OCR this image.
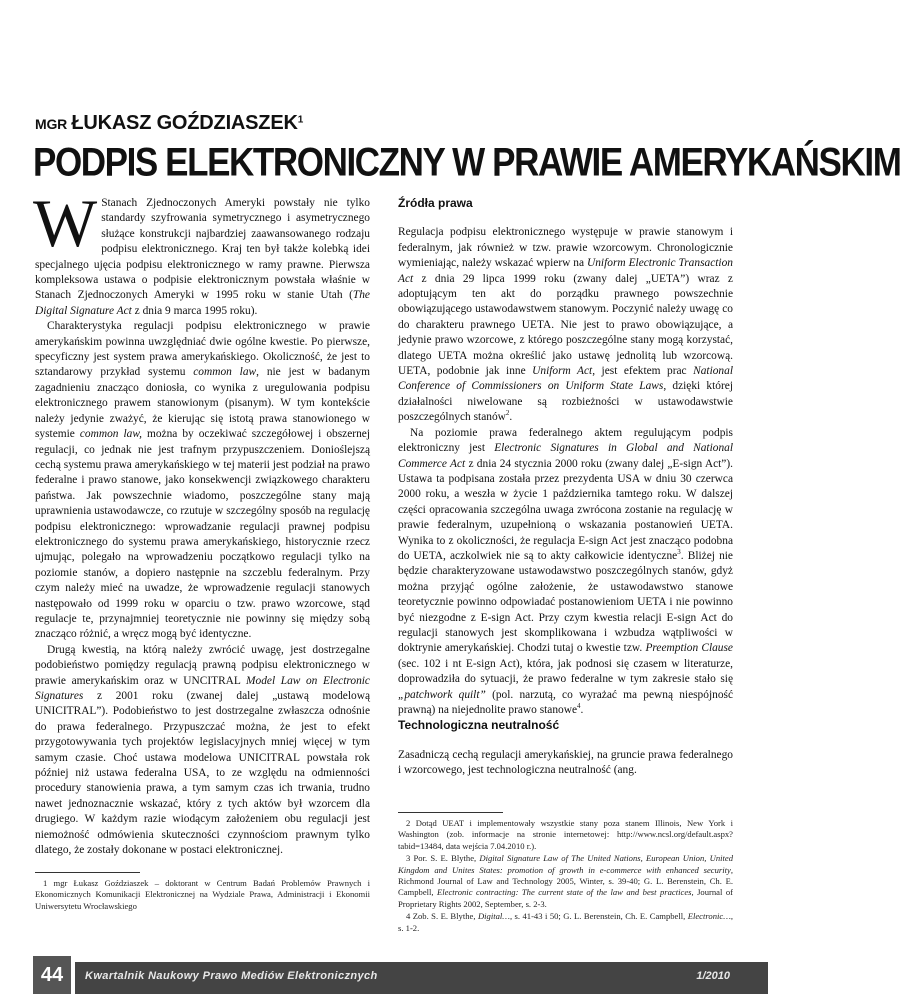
MGR ŁUKASZ GOŹDZIASZEK$^1$
PODPIS ELEKTRONICZNY W PRAWIE AMERYKAŃSKIM

W Stanach Zjednoczonych Ameryki powstały nie tylko standardy szyfrowania symetrycznego i asymetrycznego służące konstrukcji najbardziej zaawansowanego rodzaju podpisu elektronicznego. Kraj ten był także kolebką idei specjalnego ujęcia podpisu elektronicznego w ramy prawne. Pierwsza kompleksowa ustawa o podpisie elektronicznym powstała właśnie w Stanach Zjednoczonych Ameryki w 1995 roku w stanie Utah (The Digital Signature Act z dnia 9 marca 1995 roku).

Charakterystyka regulacji podpisu elektronicznego w prawie amerykańskim powinna uwzględniać dwie ogólne kwestie. Po pierwsze, specyficzny jest system prawa amerykańskiego. Okoliczność, że jest to sztandarowy przykład systemu common law, nie jest w badanym zagadnieniu znacząco doniosła, co wynika z uregulowania podpisu elektronicznego prawem stanowionym (pisanym). W tym kontekście należy jedynie zważyć, że kierując się istotą prawa stanowionego w systemie common law, można by oczekiwać szczegółowej i obszernej regulacji, co jednak nie jest trafnym przypuszczeniem. Donioślejszą cechą systemu prawa amerykańskiego w tej materii jest podział na prawo federalne i prawo stanowe, jako konsekwencji związkowego charakteru państwa. Jak powszechnie wiadomo, poszczególne stany mają uprawnienia ustawodawcze, co rzutuje w szczególny sposób na regulację podpisu elektronicznego: wprowadzanie regulacji prawnej podpisu elektronicznego do systemu prawa amerykańskiego, historycznie rzecz ujmując, polegało na wprowadzeniu początkowo regulacji tylko na poziomie stanów, a dopiero następnie na szczeblu federalnym. Przy czym należy mieć na uwadze, że wprowadzenie regulacji stanowych następowało od 1999 roku w oparciu o tzw. prawo wzorcowe, stąd regulacje te, przynajmniej teoretycznie nie powinny się między sobą znacząco różnić, a wręcz mogą być identyczne.

Drugą kwestią, na którą należy zwrócić uwagę, jest dostrzegalne podobieństwo pomiędzy regulacją prawną podpisu elektronicznego w prawie amerykańskim oraz w UNCITRAL Model Law on Electronic Signatures z 2001 roku (zwanej dalej „ustawą modelową UNICITRAL”). Podobieństwo to jest dostrzegalne zwłaszcza odnośnie do prawa federalnego. Przypuszczać można, że jest to efekt przygotowywania tych projektów legislacyjnych mniej więcej w tym samym czasie. Choć ustawa modelowa UNICITRAL powstała rok później niż ustawa federalna USA, to ze względu na odmienności procedury stanowienia prawa, a tym samym czas ich trwania, trudno nawet jednoznacznie wskazać, który z tych aktów był wzorcem dla drugiego. W każdym razie wiodącym założeniem obu regulacji jest niemożność odmówienia skuteczności czynnościom prawnym tylko dlatego, że zostały dokonane w postaci elektronicznej.

Źródła prawa

Regulacja podpisu elektronicznego występuje w prawie stanowym i federalnym, jak również w tzw. prawie wzorcowym. Chronologicznie wymieniając, należy wskazać wpierw na Uniform Electronic Transaction Act z dnia 29 lipca 1999 roku (zwany dalej „UETA”) wraz z adoptującym ten akt do porządku prawnego powszechnie obowiązującego ustawodawstwem stanowym. Poczynić należy uwagę co do charakteru prawnego UETA. Nie jest to prawo obowiązujące, a jedynie prawo wzorcowe, z którego poszczególne stany mogą korzystać, dlatego UETA można określić jako ustawę jednolitą lub wzorcową. UETA, podobnie jak inne Uniform Act, jest efektem prac National Conference of Commissioners on Uniform State Laws, dzięki której działalności niwelowane są rozbieżności w ustawodawstwie poszczególnych stanów$^2$.

Na poziomie prawa federalnego aktem regulującym podpis elektroniczny jest Electronic Signatures in Global and National Commerce Act z dnia 24 stycznia 2000 roku (zwany dalej „E-sign Act”). Ustawa ta podpisana została przez prezydenta USA w dniu 30 czerwca 2000 roku, a weszła w życie 1 października tamtego roku. W dalszej części opracowania szczególna uwaga zwrócona zostanie na regulację w prawie federalnym, uzupełnioną o wskazania postanowień UETA. Wynika to z okoliczności, że regulacja E-sign Act jest znacząco podobna do UETA, aczkolwiek nie są to akty całkowicie identyczne$^3$. Bliżej nie będzie charakteryzowane ustawodawstwo poszczególnych stanów, gdyż można przyjąć ogólne założenie, że ustawodawstwo stanowe teoretycznie powinno odpowiadać postanowieniom UETA i nie powinno być niezgodne z E-sign Act. Przy czym kwestia relacji E-sign Act do regulacji stanowych jest skomplikowana i wzbudza wątpliwości w doktrynie amerykańskiej. Chodzi tutaj o kwestie tzw. Preemption Clause (sec. 102 i nt E-sign Act), która, jak podnosi się czasem w literaturze, doprowadziła do sytuacji, że prawo federalne w tym zakresie stało się „patchwork quilt” (pol. narzutą, co wyrażać ma pewną niespójność prawną) na niejednolite prawo stanowe$^4$.

Technologiczna neutralność

Zasadniczą cechą regulacji amerykańskiej, na gruncie prawa federalnego i wzorcowego, jest technologiczna neutralność (ang.

1 mgr Łukasz Goździaszek – doktorant w Centrum Badań Problemów Prawnych i Ekonomicznych Komunikacji Elektronicznej na Wydziale Prawa, Administracji i Ekonomii Uniwersytetu Wrocławskiego

2 Dotąd UEAT i implementowały wszystkie stany poza stanem Illinois, New York i Washington (zob. informacje na stronie internetowej: http://www.ncsl.org/default.aspx?tabid=13484, data wejścia 7.04.2010 r.).

3 Por. S. E. Blythe, Digital Signature Law of The United Nations, European Union, United Kingdom and Unites States: promotion of growth in e-commerce with enhanced security, Richmond Journal of Law and Technology 2005, Winter, s. 39-40; G. L. Berenstein, Ch. E. Campbell, Electronic contracting: The current state of the law and best practices, Journal of Proprietary Rights 2002, September, s. 2-3.

4 Zob. S. E. Blythe, Digital…, s. 41-43 i 50; G. L. Berenstein, Ch. E. Campbell, Electronic…, s. 1-2.

44	Kwartalnik Naukowy Prawo Mediów Elektronicznych	1/2010
